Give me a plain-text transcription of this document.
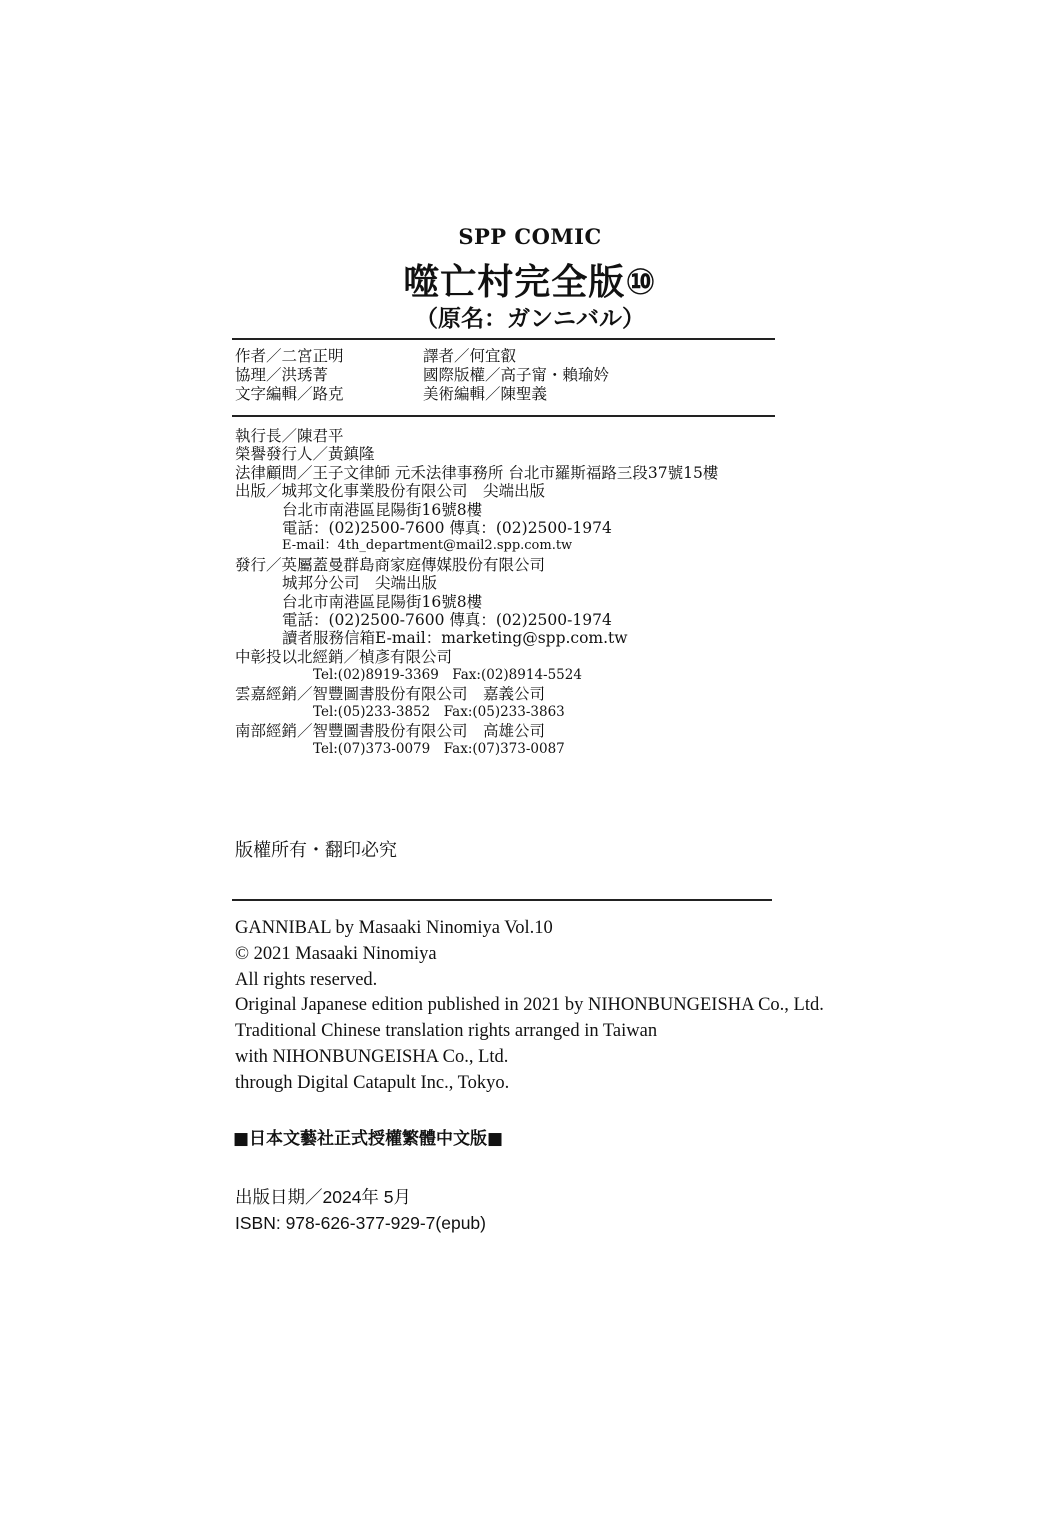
SPP COMIC
噬亡村完全版⑩
（原名：ガンニバル）
作者／二宮正明
協理／洪琇菁
文字編輯／路克
譯者／何宜叡
國際版權／高子甯・賴瑜妗
美術編輯／陳聖義
執行長／陳君平
榮譽發行人／黃鎮隆
法律顧問／王子文律師 元禾法律事務所 台北市羅斯福路三段37號15樓
出版／城邦文化事業股份有限公司　尖端出版
台北市南港區昆陽街16號8樓
電話：(02)2500-7600 傳真：(02)2500-1974
E-mail：4th_department@mail2.spp.com.tw
發行／英屬蓋曼群島商家庭傳媒股份有限公司
城邦分公司　尖端出版
台北市南港區昆陽街16號8樓
電話：(02)2500-7600 傳真：(02)2500-1974
讀者服務信箱E-mail：marketing@spp.com.tw
中彰投以北經銷／楨彥有限公司
Tel:(02)8919-3369　Fax:(02)8914-5524
雲嘉經銷／智豐圖書股份有限公司　嘉義公司
Tel:(05)233-3852　Fax:(05)233-3863
南部經銷／智豐圖書股份有限公司　高雄公司
Tel:(07)373-0079　Fax:(07)373-0087
版權所有・翻印必究
GANNIBAL by Masaaki Ninomiya Vol.10
© 2021 Masaaki Ninomiya
All rights reserved.
Original Japanese edition published in 2021 by NIHONBUNGEISHA Co., Ltd.
Traditional Chinese translation rights arranged in Taiwan
with NIHONBUNGEISHA Co., Ltd.
through Digital Catapult Inc., Tokyo.
■日本文藝社正式授權繁體中文版■
出版日期／2024年 5月
ISBN: 978-626-377-929-7(epub)
